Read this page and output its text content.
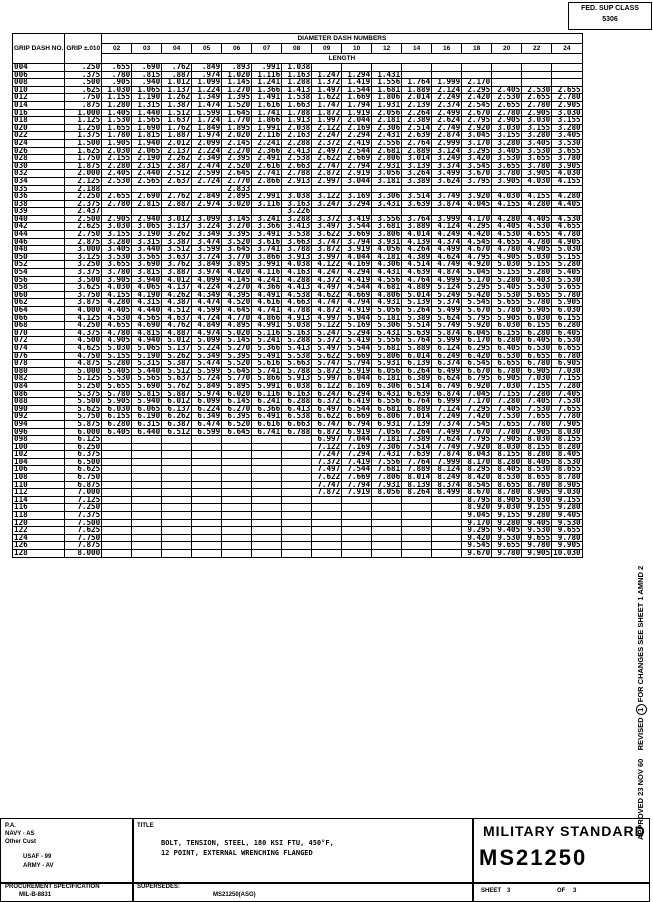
FED. SUP CLASS
5306
GRIP DASH NO.	GRIP ±.010	DIAMETER DASH NUMBERS															
		02	03	04	05	06	07	08	09	10	12	14	16	18	20	22	24
		LENGTH															
004	.250	.655	.690	.762	.849	.893	.991	1.038									
006	.375	.780	.815	.887	.974	1.020	1.116	1.163	1.247	1.294	1.431						
008	.500	.905	.940	1.012	1.099	1.145	1.241	1.288	1.372	1.419	1.556	1.764	1.999	2.170			
010	.625	1.030	1.065	1.137	1.224	1.270	1.366	1.413	1.497	1.544	1.681	1.889	2.124	2.295	2.405	2.530	2.655
012	.750	1.155	1.190	1.262	1.349	1.395	1.491	1.538	1.622	1.669	1.806	2.014	2.249	2.420	2.530	2.655	2.780
014	.875	1.280	1.315	1.387	1.474	1.520	1.616	1.663	1.747	1.794	1.931	2.139	2.374	2.545	2.655	2.780	2.905
016	1.000	1.405	1.440	1.512	1.599	1.645	1.741	1.788	1.872	1.919	2.056	2.264	2.499	2.670	2.780	2.905	3.030
018	1.125	1.530	1.565	1.637	1.724	1.770	1.866	1.913	1.997	2.044	2.181	2.389	2.624	2.795	2.905	3.030	3.155
020	1.250	1.655	1.690	1.762	1.849	1.895	1.991	2.038	2.122	2.169	2.306	2.514	2.749	2.920	3.030	3.155	3.280
022	1.375	1.780	1.815	1.887	1.974	2.020	2.116	2.163	2.247	2.294	2.431	2.639	2.874	3.045	3.155	3.280	3.405
024	1.500	1.905	1.940	2.012	2.099	2.145	2.241	2.288	2.372	2.419	2.556	2.764	2.999	3.170	3.280	3.405	3.530
026	1.625	2.030	2.065	2.137	2.224	2.270	2.366	2.413	2.497	2.544	2.681	2.889	3.124	3.295	3.405	3.530	3.655
028	1.750	2.155	2.190	2.262	2.349	2.395	2.491	2.538	2.622	2.669	2.806	3.014	3.249	3.420	3.530	3.655	3.780
030	1.875	2.280	2.315	2.387	2.474	2.520	2.616	2.663	2.747	2.794	2.931	3.139	3.374	3.545	3.655	3.780	3.905
032	2.000	2.405	2.440	2.512	2.599	2.645	2.741	2.788	2.872	2.919	3.056	3.264	3.499	3.670	3.780	3.905	4.030
034	2.125	2.530	2.565	2.637	2.724	2.770	2.866	2.913	2.997	3.044	3.181	3.389	3.624	3.795	3.905	4.030	4.155
035	2.188					2.833											
036	2.250	2.655	2.690	2.762	2.849	2.895	2.991	3.038	3.122	3.169	3.306	3.514	3.749	3.920	4.030	4.155	4.280
038	2.375	2.780	2.815	2.887	2.974	3.020	3.116	3.163	3.247	3.294	3.431	3.639	3.874	4.045	4.155	4.280	4.405
039	2.437							3.226									
040	2.500	2.905	2.940	3.012	3.099	3.145	3.241	3.288	3.372	3.419	3.556	3.764	3.999	4.170	4.280	4.405	4.530
042	2.625	3.030	3.065	3.137	3.224	3.270	3.366	3.413	3.497	3.544	3.681	3.889	4.124	4.295	4.405	4.530	4.655
044	2.750	3.155	3.190	3.262	3.349	3.395	3.491	3.538	3.622	3.669	3.806	4.014	4.249	4.420	4.530	4.655	4.780
046	2.875	3.280	3.315	3.387	3.474	3.520	3.616	3.663	3.747	3.794	3.931	4.139	4.374	4.545	4.655	4.780	4.905
048	3.000	3.405	3.440	3.512	3.599	3.645	3.741	3.788	3.872	3.919	4.056	4.264	4.499	4.670	4.780	4.905	5.030
050	3.125	3.530	3.565	3.637	3.724	3.770	3.866	3.913	3.997	4.044	4.181	4.389	4.624	4.795	4.905	5.030	5.155
052	3.250	3.655	3.690	3.762	3.849	3.895	3.991	4.038	4.122	4.169	4.306	4.514	4.749	4.920	5.030	5.155	5.280
054	3.375	3.780	3.815	3.887	3.974	4.020	4.116	4.163	4.247	4.294	4.431	4.639	4.874	5.045	5.155	5.280	5.405
056	3.500	3.905	3.940	4.012	4.099	4.145	4.241	4.288	4.372	4.419	4.556	4.764	4.999	5.170	5.280	5.403	5.530
058	3.625	4.030	4.065	4.137	4.224	4.270	4.366	4.413	4.497	4.544	4.681	4.889	5.124	5.295	5.405	5.530	5.655
060	3.750	4.155	4.190	4.262	4.349	4.395	4.491	4.538	4.622	4.669	4.806	5.014	5.249	5.420	5.530	5.655	5.780
062	3.875	4.280	4.315	4.387	4.474	4.520	4.616	4.663	4.747	4.794	4.931	5.139	5.374	5.545	5.655	5.780	5.905
064	4.000	4.405	4.440	4.512	4.599	4.645	4.741	4.788	4.872	4.919	5.056	5.264	5.499	5.670	5.780	5.905	6.030
066	4.125	4.530	4.565	4.637	4.724	4.770	4.866	4.913	4.997	5.044	5.181	5.389	5.624	5.795	5.905	6.030	6.155
068	4.250	4.655	4.690	4.762	4.849	4.895	4.991	5.038	5.122	5.169	5.306	5.514	5.749	5.920	6.030	6.155	6.280
070	4.375	4.780	4.815	4.887	4.974	5.020	5.116	5.163	5.247	5.294	5.431	5.639	5.874	6.045	6.155	6.280	6.405
072	4.500	4.905	4.940	5.012	5.099	5.145	5.241	5.288	5.372	5.419	5.556	5.764	5.999	6.170	6.280	6.405	6.530
074	4.625	5.030	5.065	5.137	5.224	5.270	5.366	5.413	5.497	5.544	5.681	5.889	6.124	6.295	6.405	6.530	6.655
076	4.750	5.155	5.190	5.262	5.349	5.395	5.491	5.538	5.622	5.669	5.806	6.014	6.249	6.420	6.530	6.655	6.780
078	4.875	5.280	5.315	5.387	5.474	5.520	5.616	5.663	5.747	5.794	5.931	6.139	6.374	6.545	6.655	6.780	6.905
080	5.000	5.405	5.440	5.512	5.599	5.645	5.741	5.788	5.872	5.919	6.056	6.264	6.499	6.670	6.780	6.905	7.030
082	5.125	5.530	5.565	5.637	5.724	5.770	5.866	5.913	5.997	6.044	6.181	6.389	6.624	6.795	6.905	7.030	7.155
084	5.250	5.655	5.690	5.762	5.849	5.895	5.991	6.038	6.122	6.169	6.306	6.514	6.749	6.920	7.030	7.155	7.280
086	5.375	5.780	5.815	5.887	5.974	6.020	6.116	6.163	6.247	6.294	6.431	6.639	6.874	7.045	7.155	7.280	7.405
088	5.500	5.905	5.940	6.012	6.099	6.145	6.241	6.288	6.372	6.419	6.556	6.764	6.999	7.170	7.280	7.405	7.530
090	5.625	6.030	6.065	6.137	6.224	6.270	6.366	6.413	6.497	6.544	6.681	6.889	7.124	7.295	7.405	7.530	7.655
092	5.750	6.155	6.190	6.262	6.349	6.395	6.491	6.538	6.622	6.669	6.806	7.014	7.249	7.420	7.530	7.655	7.780
094	5.875	6.280	6.315	6.387	6.474	6.520	6.616	6.663	6.747	6.794	6.931	7.139	7.374	7.545	7.655	7.780	7.905
096	6.000	6.405	6.440	6.512	6.599	6.645	6.741	6.788	6.872	6.919	7.056	7.264	7.499	7.670	7.780	7.905	8.030
098	6.125								6.997	7.044	7.181	7.389	7.624	7.795	7.905	8.030	8.155
100	6.250								7.122	7.169	7.306	7.514	7.749	7.920	8.030	8.155	8.280
102	6.375								7.247	7.294	7.431	7.639	7.874	8.043	8.155	8.280	8.405
104	6.500								7.372	7.419	7.556	7.764	7.999	8.170	8.280	8.405	8.530
106	6.625								7.497	7.544	7.681	7.889	8.124	8.295	8.405	8.530	8.655
108	6.750								7.622	7.669	7.806	8.014	8.249	8.420	8.530	8.655	8.780
110	6.875								7.747	7.794	7.931	8.139	8.374	8.545	8.655	8.780	8.905
112	7.000								7.872	7.919	8.056	8.264	8.499	8.670	8.780	8.905	9.030
114	7.125													8.795	8.905	9.030	9.155
116	7.250													8.920	9.030	9.155	9.280
118	7.375													9.045	9.155	9.280	9.405
120	7.500													9.170	9.280	9.405	9.530
122	7.625													9.295	9.405	9.530	9.655
124	7.750													9.420	9.530	9.655	9.780
126	7.875													9.545	9.655	9.780	9.905
128	8.000													9.670	9.780	9.905	10.030
APPROVED 23 NOV 60    REVISED 1 FOR CHANGES SEE SHEET 1 AMND 2
P.A.
NAVY - AS
Other Cust
USAF - 99
ARMY - AV
TITLE
BOLT, TENSION, STEEL, 180 KSI FTU, 450°F,
12 POINT, EXTERNAL WRENCHING FLANGED
MILITARY STANDARD
MS21250
PROCUREMENT SPECIFICATION
MIL-B-8831
SUPERSEDES:
MS21250(ASG)
SHEET 3	OF 3
